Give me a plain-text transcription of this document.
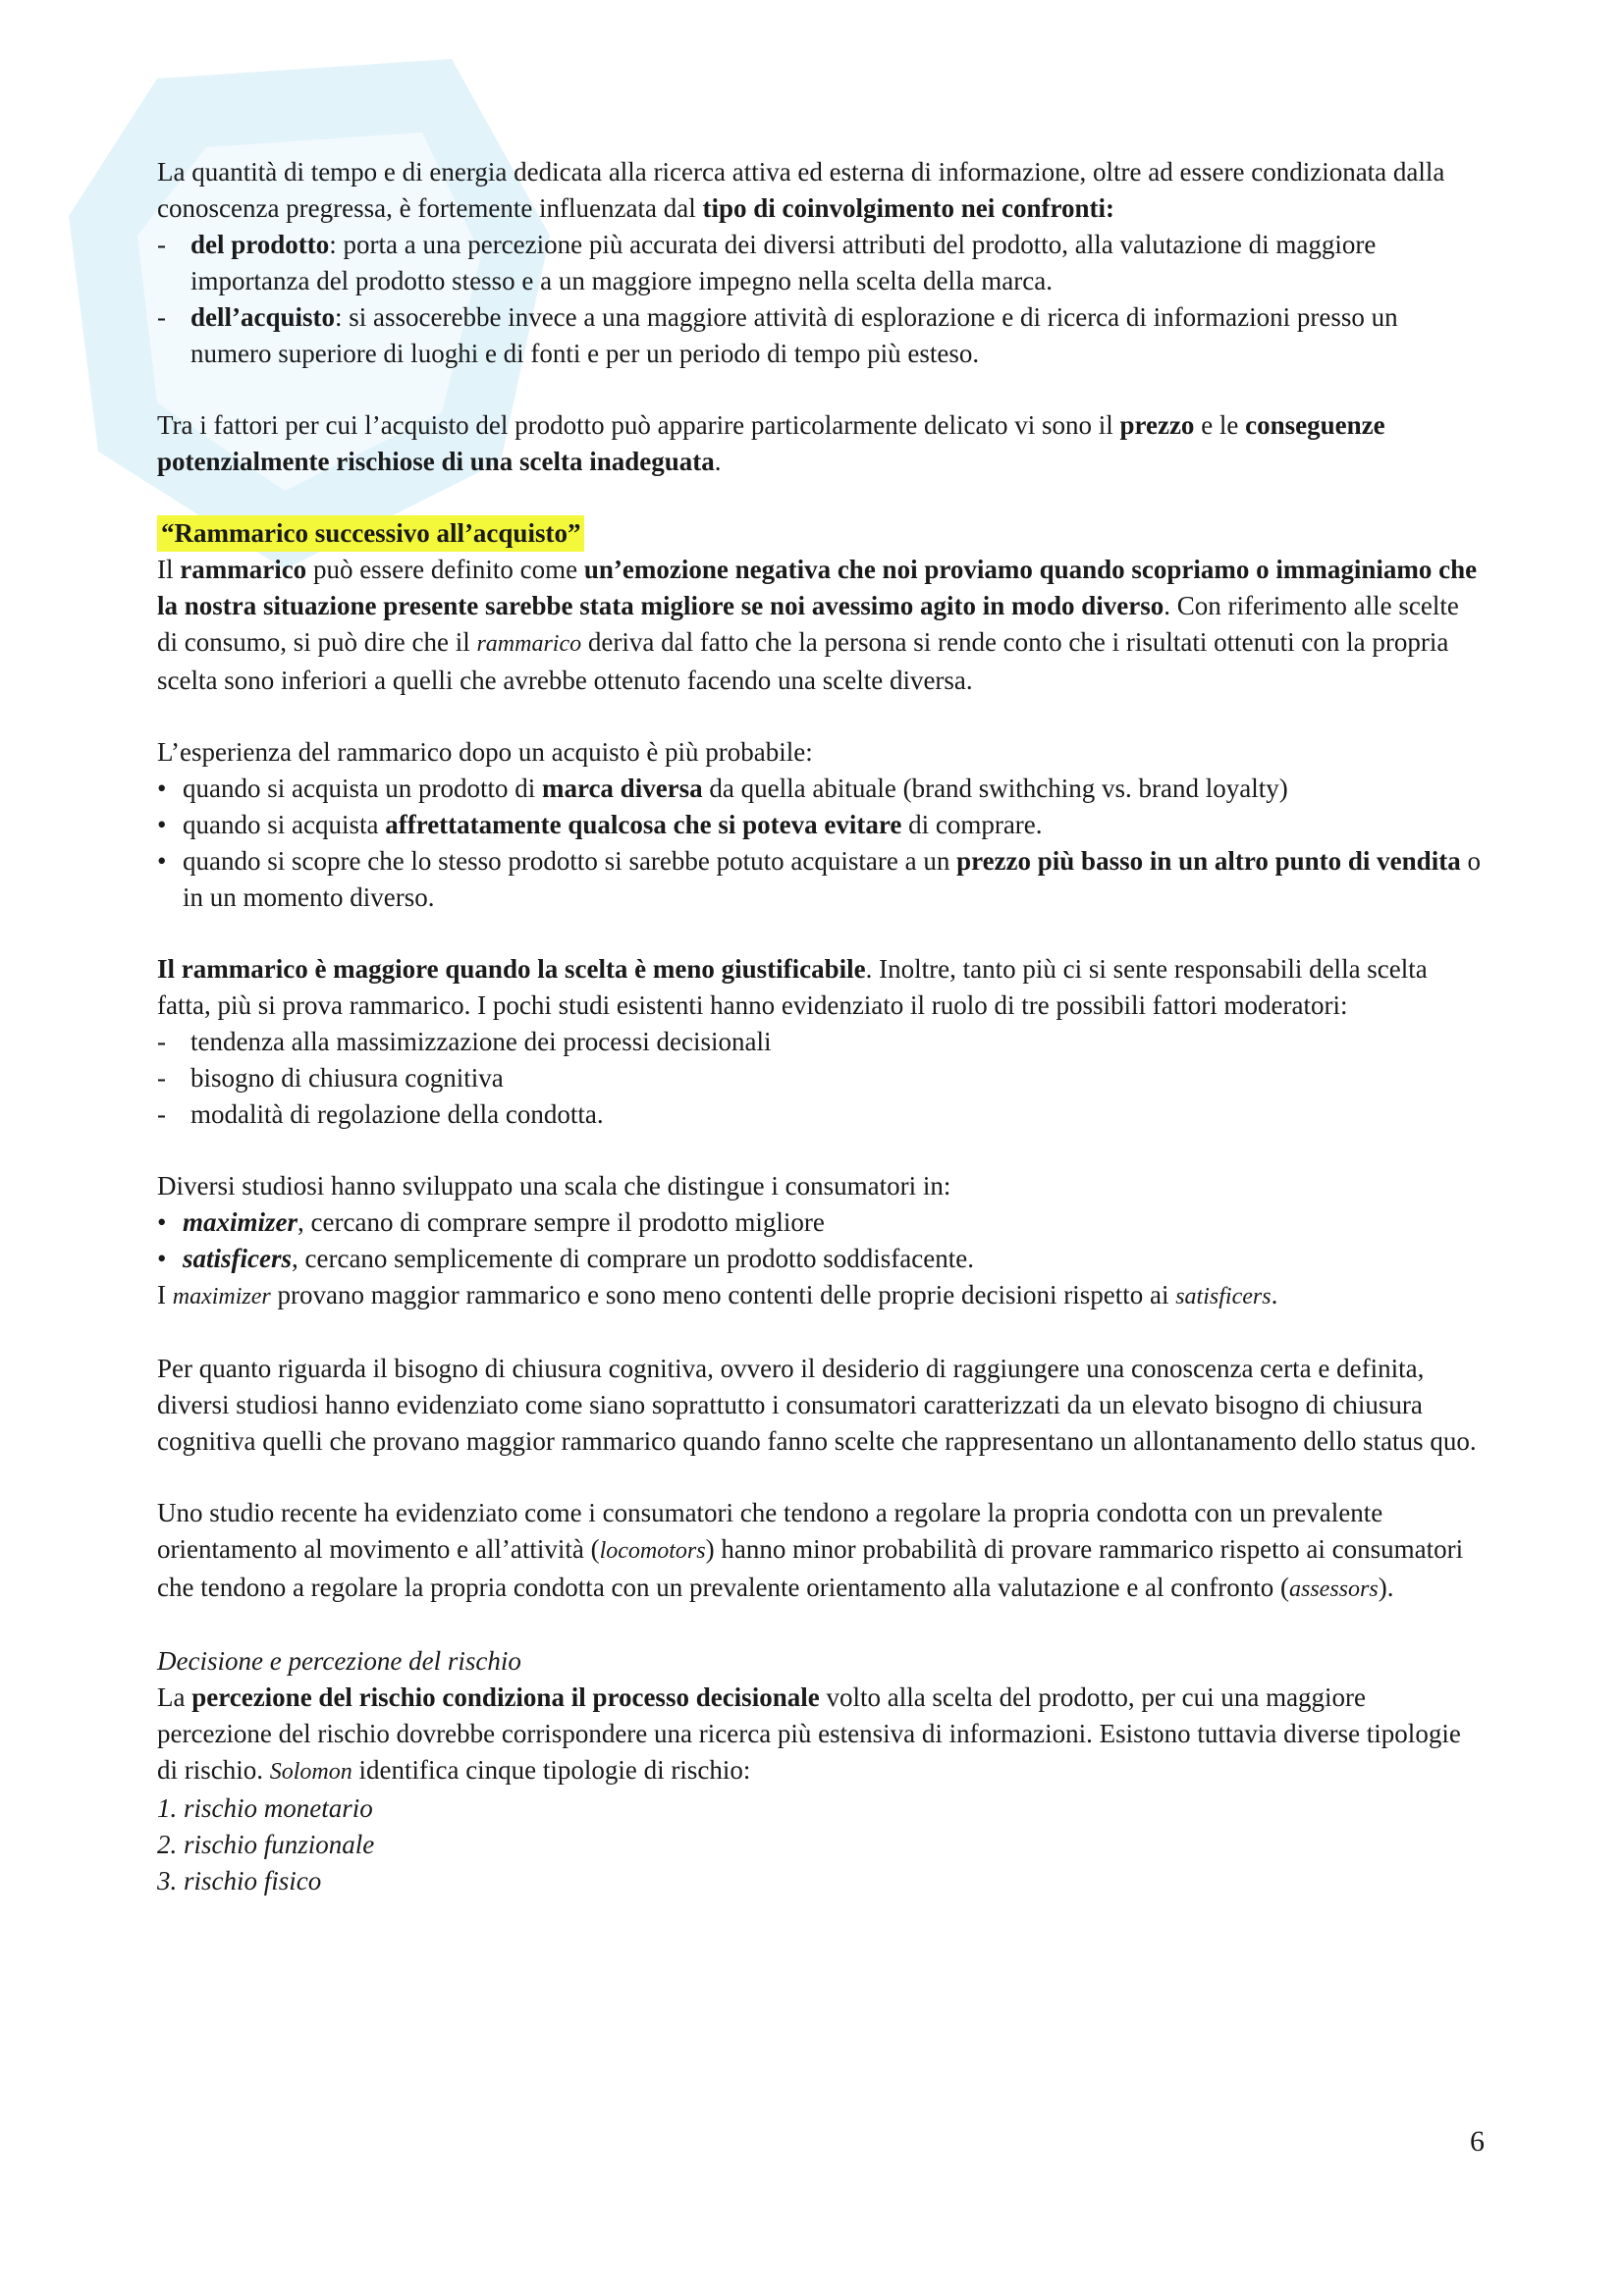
La quantità di tempo e di energia dedicata alla ricerca attiva ed esterna di informazione, oltre ad essere condizionata dalla conoscenza pregressa, è fortemente influenzata dal tipo di coinvolgimento nei confronti:

- del prodotto: porta a una percezione più accurata dei diversi attributi del prodotto, alla valutazione di maggiore importanza del prodotto stesso e a un maggiore impegno nella scelta della marca.
- dell’acquisto: si assocerebbe invece a una maggiore attività di esplorazione e di ricerca di informazioni presso un numero superiore di luoghi e di fonti e per un periodo di tempo più esteso.

Tra i fattori per cui l’acquisto del prodotto può apparire particolarmente delicato vi sono il prezzo e le conseguenze potenzialmente rischiose di una scelta inadeguata.

“Rammarico successivo all’acquisto”

Il rammarico può essere definito come un’emozione negativa che noi proviamo quando scopriamo o immaginiamo che la nostra situazione presente sarebbe stata migliore se noi avessimo agito in modo diverso. Con riferimento alle scelte di consumo, si può dire che il rammarico deriva dal fatto che la persona si rende conto che i risultati ottenuti con la propria scelta sono inferiori a quelli che avrebbe ottenuto facendo una scelte diversa.

L’esperienza del rammarico dopo un acquisto è più probabile:

• quando si acquista un prodotto di marca diversa da quella abituale (brand swithching vs. brand loyalty)
• quando si acquista affrettatamente qualcosa che si poteva evitare di comprare.
• quando si scopre che lo stesso prodotto si sarebbe potuto acquistare a un prezzo più basso in un altro punto di vendita o in un momento diverso.

Il rammarico è maggiore quando la scelta è meno giustificabile. Inoltre, tanto più ci si sente responsabili della scelta fatta, più si prova rammarico. I pochi studi esistenti hanno evidenziato il ruolo di tre possibili fattori moderatori:

- tendenza alla massimizzazione dei processi decisionali
- bisogno di chiusura cognitiva
- modalità di regolazione della condotta.

Diversi studiosi hanno sviluppato una scala che distingue i consumatori in:

• maximizer, cercano di comprare sempre il prodotto migliore
• satisficers, cercano semplicemente di comprare un prodotto soddisfacente.

I maximizer provano maggior rammarico e sono meno contenti delle proprie decisioni rispetto ai satisficers.

Per quanto riguarda il bisogno di chiusura cognitiva, ovvero il desiderio di raggiungere una conoscenza certa e definita, diversi studiosi hanno evidenziato come siano soprattutto i consumatori caratterizzati da un elevato bisogno di chiusura cognitiva quelli che provano maggior rammarico quando fanno scelte che rappresentano un allontanamento dello status quo.

Uno studio recente ha evidenziato come i consumatori che tendono a regolare la propria condotta con un prevalente orientamento al movimento e all’attività (locomotors) hanno minor probabilità di provare rammarico rispetto ai consumatori che tendono a regolare la propria condotta con un prevalente orientamento alla valutazione e al confronto (assessors).

Decisione e percezione del rischio

La percezione del rischio condiziona il processo decisionale volto alla scelta del prodotto, per cui una maggiore percezione del rischio dovrebbe corrispondere una ricerca più estensiva di informazioni. Esistono tuttavia diverse tipologie di rischio. Solomon identifica cinque tipologie di rischio:

1. rischio monetario
2. rischio funzionale
3. rischio fisico
6
